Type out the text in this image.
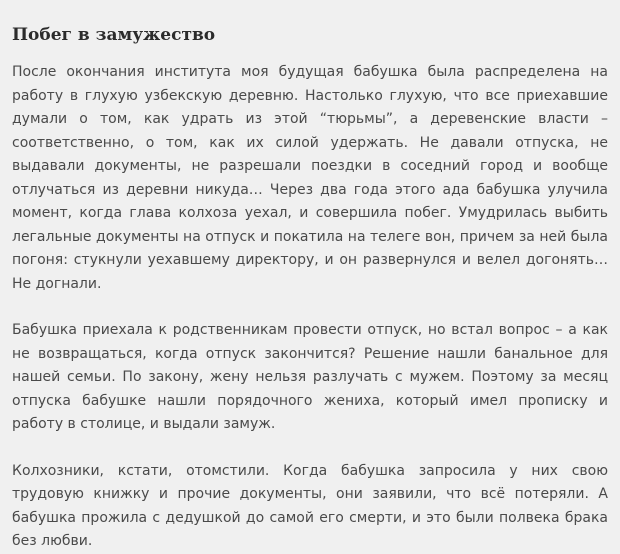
Побег в замужество

После окончания института моя будущая бабушка была распределена на работу в глухую узбекскую деревню. Настолько глухую, что все приехавшие думали о том, как удрать из этой “тюрьмы”, а деревенские власти – соответственно, о том, как их силой удержать. Не давали отпуска, не выдавали документы, не разрешали поездки в соседний город и вообще отлучаться из деревни никуда… Через два года этого ада бабушка улучила момент, когда глава колхоза уехал, и совершила побег. Умудрилась выбить легальные документы на отпуск и покатила на телеге вон, причем за ней была погоня: стукнули уехавшему директору, и он развернулся и велел догонять… Не догнали.

Бабушка приехала к родственникам провести отпуск, но встал вопрос – а как не возвращаться, когда отпуск закончится? Решение нашли банальное для нашей семьи. По закону, жену нельзя разлучать с мужем. Поэтому за месяц отпуска бабушке нашли порядочного жениха, который имел прописку и работу в столице, и выдали замуж.

Колхозники, кстати, отомстили. Когда бабушка запросила у них свою трудовую книжку и прочие документы, они заявили, что всё потеряли. А бабушка прожила с дедушкой до самой его смерти, и это были полвека брака без любви.
